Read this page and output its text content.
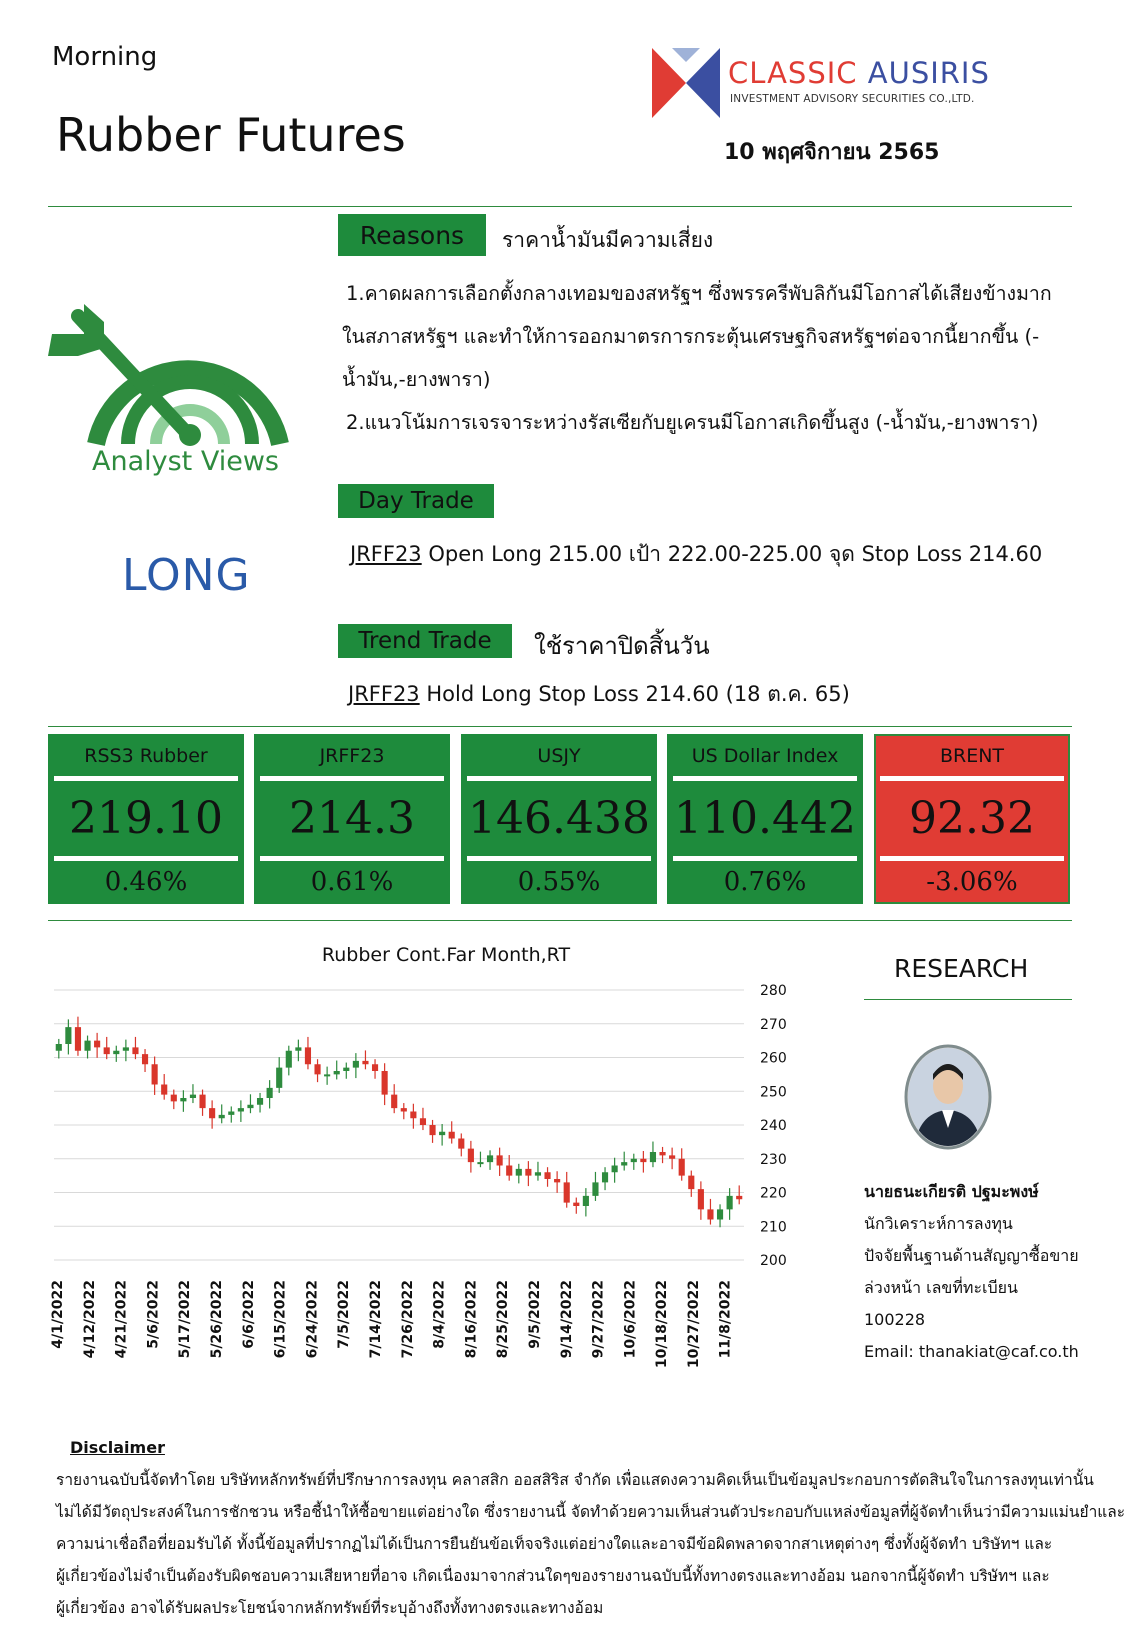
Morning
Rubber Futures
CLASSIC AUSIRIS
INVESTMENT ADVISORY SECURITIES CO.,LTD.
10 พฤศจิกายน 2565
Analyst Views
LONG
Reasons	ราคาน้ำมันมีความเสี่ยง

1.คาดผลการเลือกตั้งกลางเทอมของสหรัฐฯ ซึ่งพรรครีพับลิกันมีโอกาสได้เสียงข้างมาก

ในสภาสหรัฐฯ และทำให้การออกมาตรการกระตุ้นเศรษฐกิจสหรัฐฯต่อจากนี้ยากขึ้น (-

น้ำมัน,-ยางพารา)

2.แนวโน้มการเจรจาระหว่างรัสเซียกับยูเครนมีโอกาสเกิดขึ้นสูง (-น้ำมัน,-ยางพารา)

Day Trade
JRFF23 Open Long 215.00 เป้า 222.00-225.00 จุด Stop Loss 214.60
Trend Trade	ใช้ราคาปิดสิ้นวัน
JRFF23 Hold Long Stop Loss 214.60 (18 ต.ค. 65)
RSS3 Rubber
219.10
0.46%
JRFF23
214.3
0.61%
USJY
146.438
0.55%
US Dollar Index
110.442
0.76%
BRENT
92.32
-3.06%
Rubber Cont.Far Month,RT
280
270
260
250
240
230
220
210
200
4/1/2022 4/12/2022 4/21/2022 5/6/2022 5/17/2022 5/26/2022 6/6/2022 6/15/2022 6/24/2022 7/5/2022 7/14/2022 7/26/2022 8/4/2022 8/16/2022 8/25/2022 9/5/2022 9/14/2022 9/27/2022 10/6/2022 10/18/2022 10/27/2022 11/8/2022
RESEARCH
นายธนะเกียรติ ปฐมะพงษ์
นักวิเคราะห์การลงทุน
ปัจจัยพื้นฐานด้านสัญญาซื้อขาย
ล่วงหน้า เลขที่ทะเบียน
100228
Email: thanakiat@caf.co.th
Disclaimer
รายงานฉบับนี้จัดทำโดย บริษัทหลักทรัพย์ที่ปรึกษาการลงทุน คลาสสิก ออสสิริส จำกัด เพื่อแสดงความคิดเห็นเป็นข้อมูลประกอบการตัดสินใจในการลงทุนเท่านั้น
ไม่ได้มีวัตถุประสงค์ในการชักชวน หรือชี้นำให้ซื้อขายแต่อย่างใด ซึ่งรายงานนี้ จัดทำด้วยความเห็นส่วนตัวประกอบกับแหล่งข้อมูลที่ผู้จัดทำเห็นว่ามีความแม่นยำและ
ความน่าเชื่อถือที่ยอมรับได้ ทั้งนี้ข้อมูลที่ปรากฏไม่ได้เป็นการยืนยันข้อเท็จจริงแต่อย่างใดและอาจมีข้อผิดพลาดจากสาเหตุต่างๆ ซึ่งทั้งผู้จัดทำ บริษัทฯ และ
ผู้เกี่ยวข้องไม่จำเป็นต้องรับผิดชอบความเสียหายที่อาจ เกิดเนื่องมาจากส่วนใดๆของรายงานฉบับนี้ทั้งทางตรงและทางอ้อม นอกจากนี้ผู้จัดทำ บริษัทฯ และ
ผู้เกี่ยวข้อง อาจได้รับผลประโยชน์จากหลักทรัพย์ที่ระบุอ้างถึงทั้งทางตรงและทางอ้อม
